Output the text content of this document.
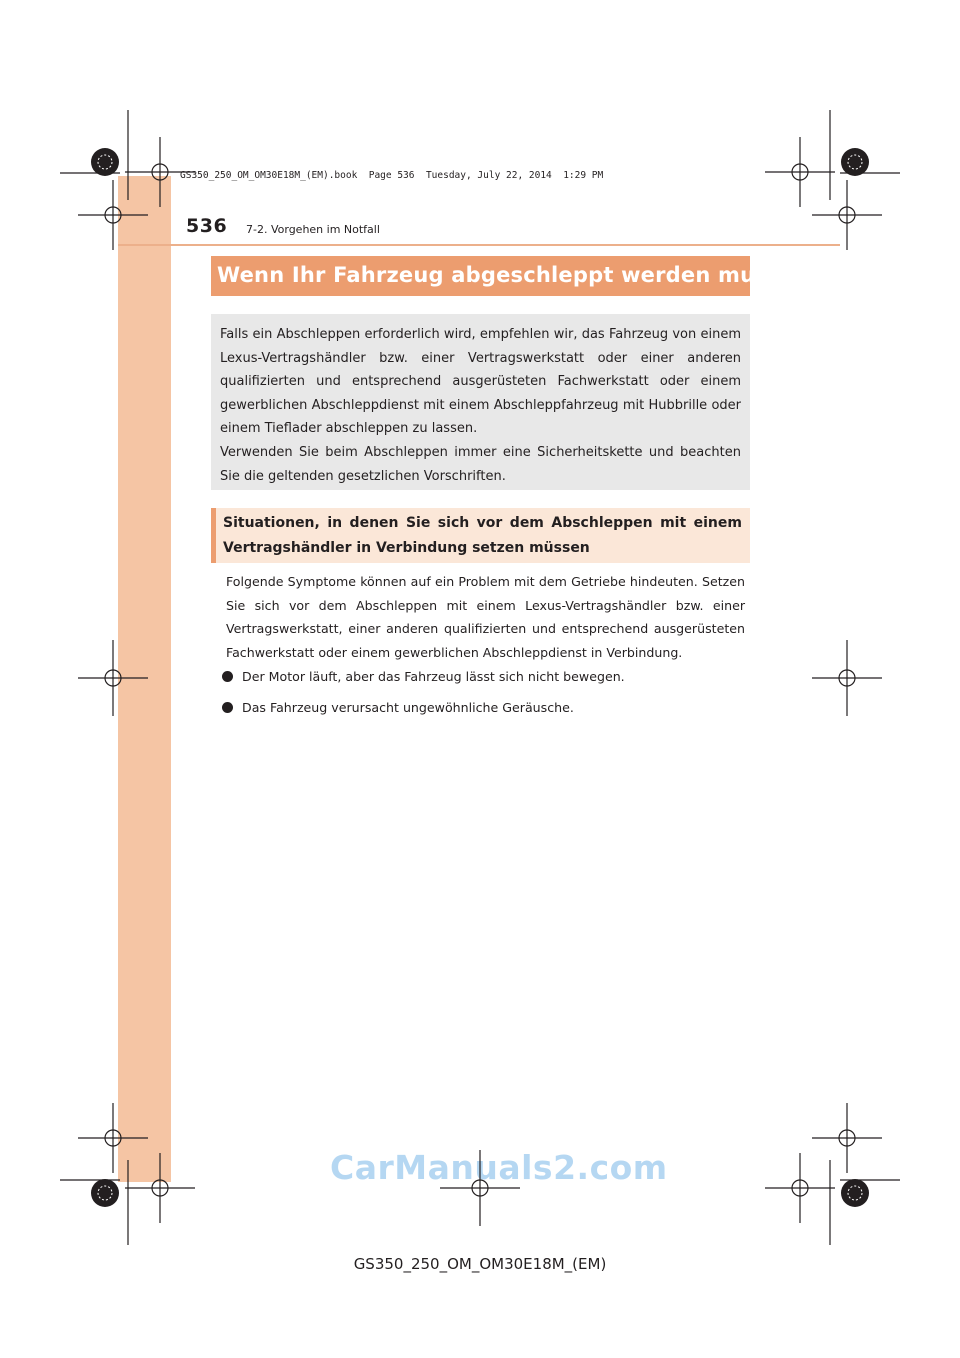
GS350_250_OM_OM30E18M_(EM).book  Page 536  Tuesday, July 22, 2014  1:29 PM
536 7-2. Vorgehen im Notfall
Wenn Ihr Fahrzeug abgeschleppt werden muss

Falls ein Abschleppen erforderlich wird, empfehlen wir, das Fahrzeug von einem Lexus-Vertragshändler bzw. einer Vertragswerkstatt oder einer anderen qualifizierten und entsprechend ausgerüsteten Fachwerkstatt oder einem gewerblichen Abschleppdienst mit einem Abschleppfahrzeug mit Hubbrille oder einem Tieflader abschleppen zu lassen.

Verwenden Sie beim Abschleppen immer eine Sicherheitskette und beachten Sie die geltenden gesetzlichen Vorschriften.

Situationen, in denen Sie sich vor dem Abschleppen mit einem Vertragshändler in Verbindung setzen müssen

Folgende Symptome können auf ein Problem mit dem Getriebe hindeuten. Setzen Sie sich vor dem Abschleppen mit einem Lexus-Vertragshändler bzw. einer Vertragswerkstatt, einer anderen qualifizierten und entsprechend ausgerüsteten Fachwerkstatt oder einem gewerblichen Abschleppdienst in Verbindung.

Der Motor läuft, aber das Fahrzeug lässt sich nicht bewegen.
Das Fahrzeug verursacht ungewöhnliche Geräusche.
CarManuals2.com
GS350_250_OM_OM30E18M_(EM)
